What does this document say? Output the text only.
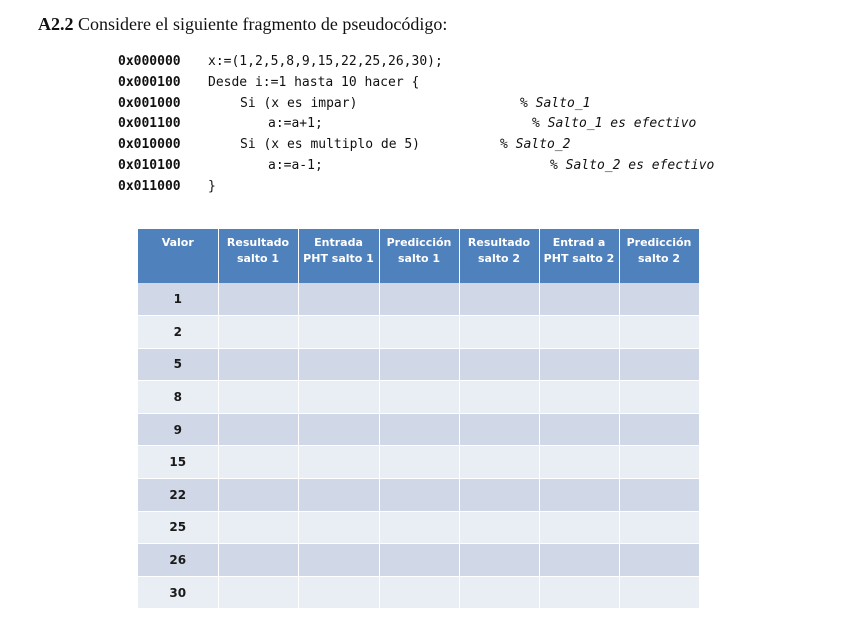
A2.2 Considere el siguiente fragmento de pseudocódigo:
0x000000 x:=(1,2,5,8,9,15,22,25,26,30);
0x000100 Desde i:=1 hasta 10 hacer {
0x001000	Si (x es impar)	% Salto_1
0x001100	a:=a+1;	% Salto_1 es efectivo
0x010000	Si (x es multiplo de 5)	% Salto_2
0x010100	a:=a-1;	% Salto_2 es efectivo
0x011000 }
Valor	Resultado salto 1	Entrada PHT salto 1	Predicción salto 1	Resultado salto 2	Entrad a PHT salto 2	Predicción salto 2
1						
2						
5						
8						
9						
15						
22						
25						
26						
30						
